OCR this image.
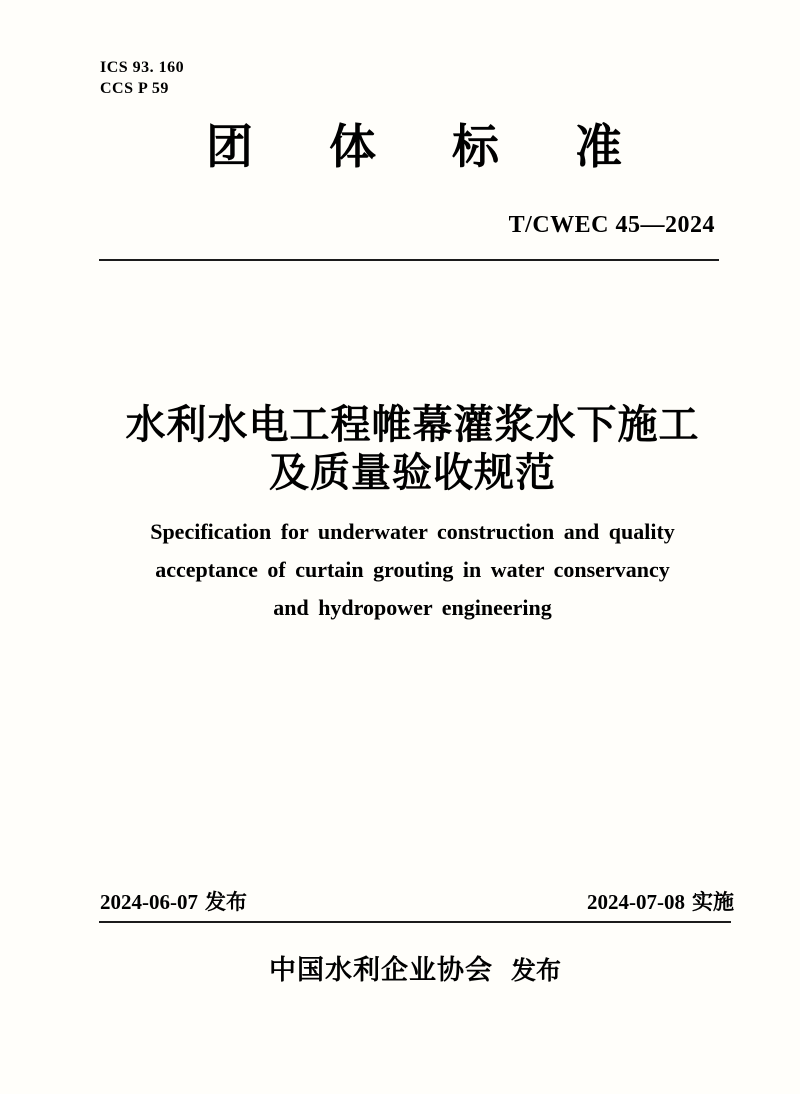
ICS 93. 160
CCS P 59
团 体 标 准
T/CWEC 45—2024
水利水电工程帷幕灌浆水下施工
及质量验收规范
Specification for underwater construction and quality
acceptance of curtain grouting in water conservancy
and hydropower engineering
2024-06-07 发布	2024-07-08 实施
中国水利企业协会 发布
